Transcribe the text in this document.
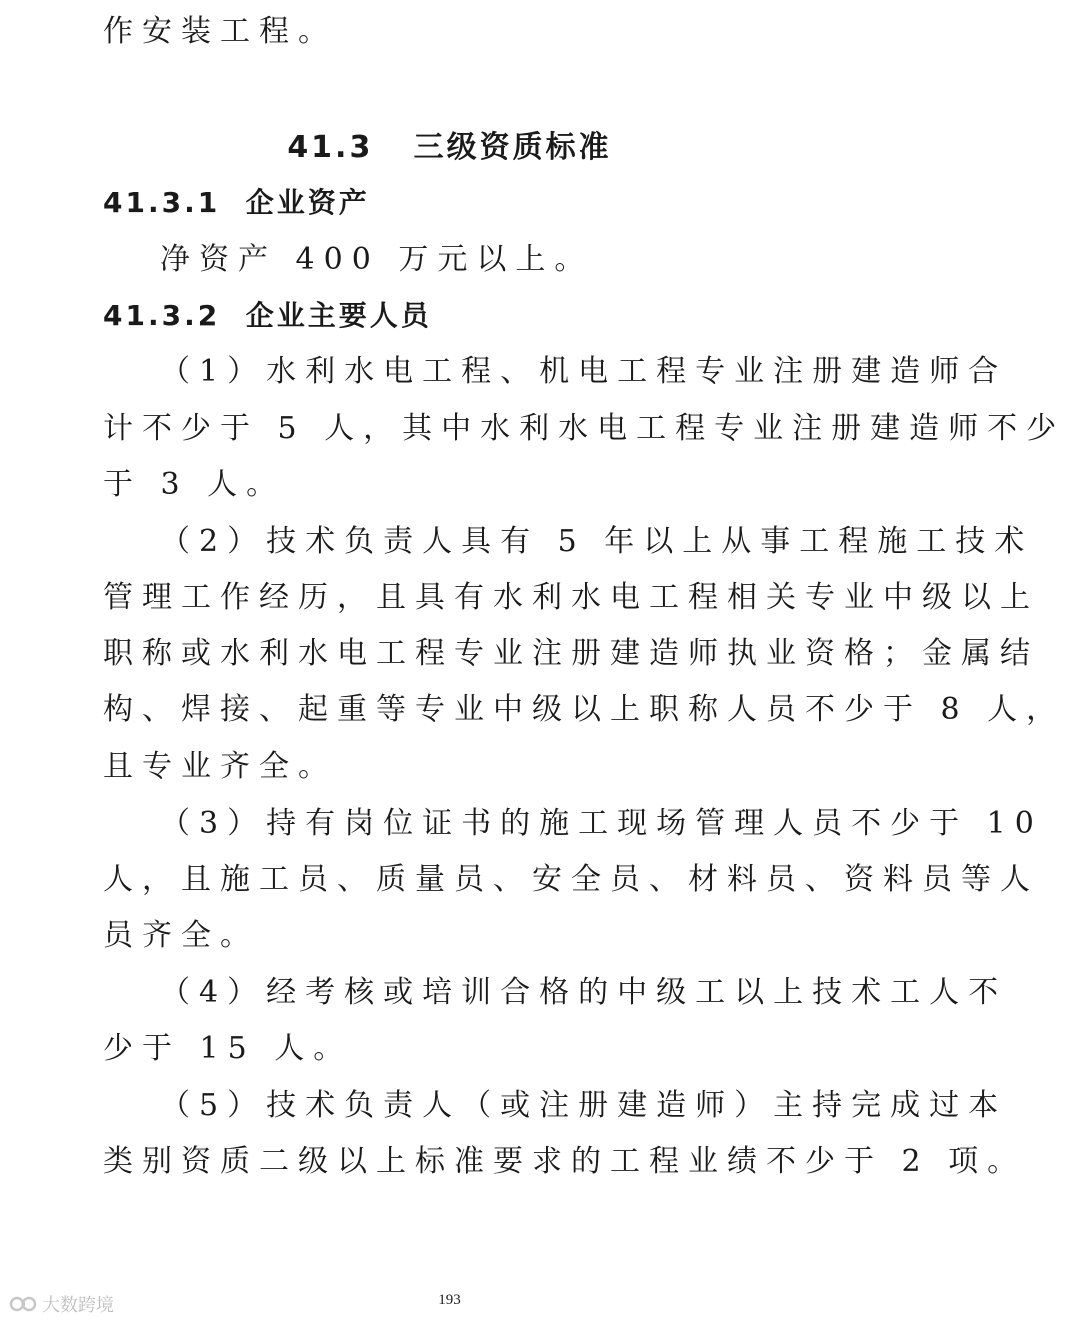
作安装工程。
41.3   三级资质标准
41.3.1  企业资产
净资产 400 万元以上。
41.3.2  企业主要人员
（1）水利水电工程、机电工程专业注册建造师合
计不少于 5 人，其中水利水电工程专业注册建造师不少
于 3 人。
（2）技术负责人具有 5 年以上从事工程施工技术
管理工作经历，且具有水利水电工程相关专业中级以上
职称或水利水电工程专业注册建造师执业资格；金属结
构、焊接、起重等专业中级以上职称人员不少于 8 人，
且专业齐全。
（3）持有岗位证书的施工现场管理人员不少于 10
人，且施工员、质量员、安全员、材料员、资料员等人
员齐全。
（4）经考核或培训合格的中级工以上技术工人不
少于 15 人。
（5）技术负责人（或注册建造师）主持完成过本
类别资质二级以上标准要求的工程业绩不少于 2 项。
193
大数跨境
